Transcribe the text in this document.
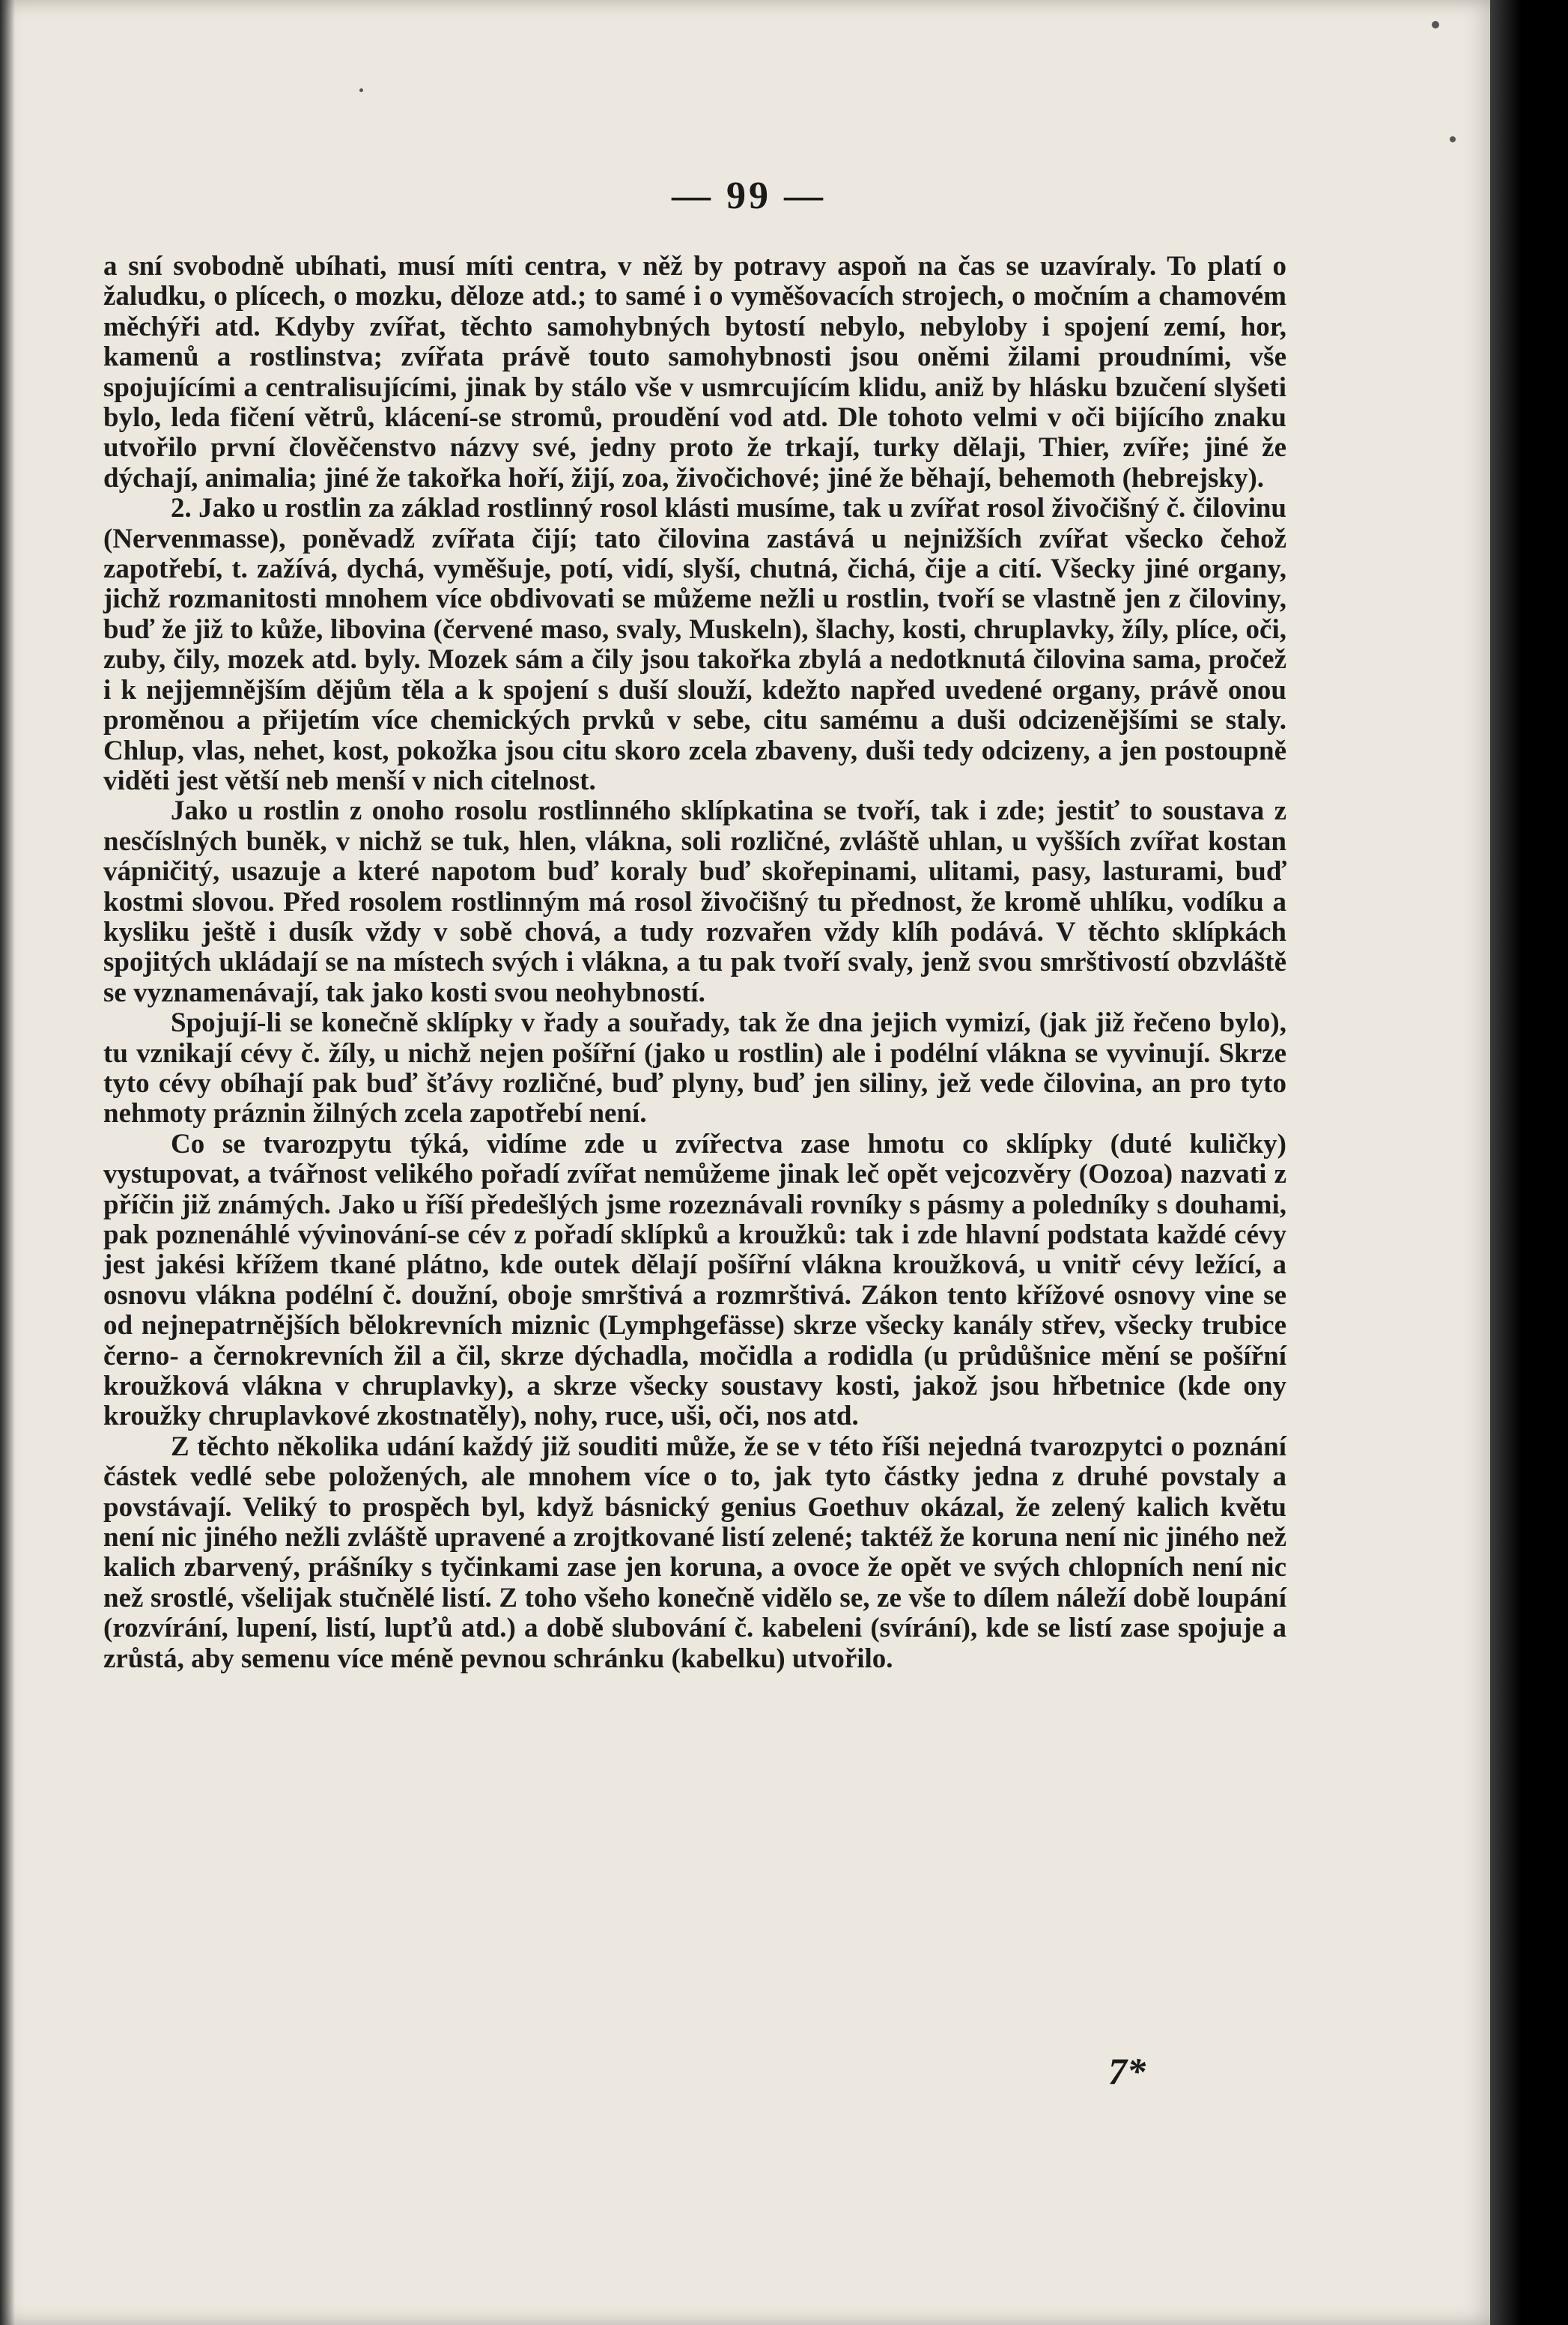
— 99 —

a sní svobodně ubíhati, musí míti centra, v něž by potravy aspoň na čas se uzavíraly. To platí o žaludku, o plícech, o mozku, děloze atd.; to samé i o vyměšovacích strojech, o močním a chamovém měchýři atd. Kdyby zvířat, těchto samohybných bytostí nebylo, nebyloby i spojení zemí, hor, kamenů a rostlinstva; zvířata právě touto samohybnosti jsou oněmi žilami proudními, vše spojujícími a centralisujícími, jinak by stálo vše v usmrcujícím klidu, aniž by hlásku bzučení slyšeti bylo, leda fičení větrů, klácení-se stromů, proudění vod atd. Dle tohoto velmi v oči bijícího znaku utvořilo první člověčenstvo názvy své, jedny proto že trkají, turky dělaji, Thier, zvíře; jiné že dýchají, animalia; jiné že takořka hoří, žijí, zoa, živočichové; jiné že běhají, behemoth (hebrejsky).

2. Jako u rostlin za základ rostlinný rosol klásti musíme, tak u zvířat rosol živočišný č. čilovinu (Nervenmasse), poněvadž zvířata čijí; tato čilovina zastává u nejnižších zvířat všecko čehož zapotřebí, t. zažívá, dychá, vyměšuje, potí, vidí, slyší, chutná, čichá, čije a cití. Všecky jiné organy, jichž rozmanitosti mnohem více obdivovati se můžeme nežli u rostlin, tvoří se vlastně jen z čiloviny, buď že již to kůže, libovina (červené maso, svaly, Muskeln), šlachy, kosti, chruplavky, žíly, plíce, oči, zuby, čily, mozek atd. byly. Mozek sám a čily jsou takořka zbylá a nedotknutá čilovina sama, pročež i k nejjemnějším dějům těla a k spojení s duší slouží, kdežto napřed uvedené organy, právě onou proměnou a přijetím více chemických prvků v sebe, citu samému a duši odcizenějšími se staly. Chlup, vlas, nehet, kost, pokožka jsou citu skoro zcela zbaveny, duši tedy odcizeny, a jen postoupně viděti jest větší neb menší v nich citelnost.

Jako u rostlin z onoho rosolu rostlinného sklípkatina se tvoří, tak i zde; jestiť to soustava z nesčíslných buněk, v nichž se tuk, hlen, vlákna, soli rozličné, zvláště uhlan, u vyšších zvířat kostan vápničitý, usazuje a které napotom buď koraly buď skořepinami, ulitami, pasy, lasturami, buď kostmi slovou. Před rosolem rostlinným má rosol živočišný tu přednost, že kromě uhlíku, vodíku a kysliku ještě i dusík vždy v sobě chová, a tudy rozvařen vždy klíh podává. V těchto sklípkách spojitých ukládají se na místech svých i vlákna, a tu pak tvoří svaly, jenž svou smrštivostí obzvláště se vyznamenávají, tak jako kosti svou neohybností.

Spojují-li se konečně sklípky v řady a souřady, tak že dna jejich vymizí, (jak již řečeno bylo), tu vznikají cévy č. žíly, u nichž nejen pošířní (jako u rostlin) ale i podélní vlákna se vyvinují. Skrze tyto cévy obíhají pak buď šťávy rozličné, buď plyny, buď jen siliny, jež vede čilovina, an pro tyto nehmoty práznin žilných zcela zapotřebí není.

Co se tvarozpytu týká, vidíme zde u zvířectva zase hmotu co sklípky (duté kuličky) vystupovat, a tvářnost velikého pořadí zvířat nemůžeme jinak leč opět vejcozvěry (Oozoa) nazvati z příčin již známých. Jako u říší předešlých jsme rozeznávali rovníky s pásmy a poledníky s douhami, pak poznenáhlé vývinování-se cév z pořadí sklípků a kroužků: tak i zde hlavní podstata každé cévy jest jakési křížem tkané plátno, kde outek dělají pošířní vlákna kroužková, u vnitř cévy ležící, a osnovu vlákna podélní č. doužní, oboje smrštivá a rozmrštivá. Zákon tento křížové osnovy vine se od nejnepatrnějších bělokrevních miznic (Lymphgefässe) skrze všecky kanály střev, všecky trubice černo- a černokrevních žil a čil, skrze dýchadla, močidla a rodidla (u průdůšnice mění se pošířní kroužková vlákna v chruplavky), a skrze všecky soustavy kosti, jakož jsou hřbetnice (kde ony kroužky chruplavkové zkostnatěly), nohy, ruce, uši, oči, nos atd.

Z těchto několika udání každý již souditi může, že se v této říši nejedná tvarozpytci o poznání částek vedlé sebe položených, ale mnohem více o to, jak tyto částky jedna z druhé povstaly a povstávají. Veliký to prospěch byl, když básnický genius Goethuv okázal, že zelený kalich květu není nic jiného nežli zvláště upravené a zrojtkované listí zelené; taktéž že koruna není nic jiného než kalich zbarvený, prášníky s tyčinkami zase jen koruna, a ovoce že opět ve svých chlopních není nic než srostlé, všelijak stučnělé listí. Z toho všeho konečně vidělo se, ze vše to dílem náleží době loupání (rozvírání, lupení, listí, lupťů atd.) a době slubování č. kabeleni (svírání), kde se listí zase spojuje a zrůstá, aby semenu více méně pevnou schránku (kabelku) utvořilo.

7*
